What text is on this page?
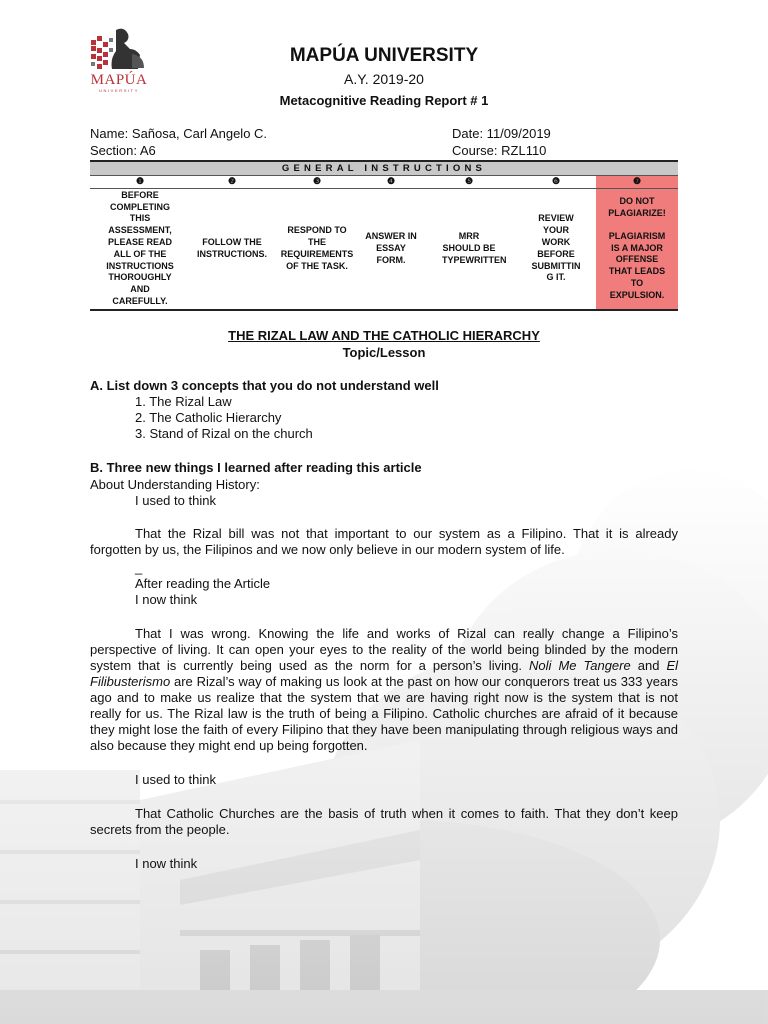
MAPÚA
UNIVERSITY
MAPÚA UNIVERSITY
A.Y. 2019-20
Metacognitive Reading Report # 1
Name: Sañosa, Carl Angelo C.
Section: A6
Date: 11/09/2019
Course: RZL110
GENERAL INSTRUCTIONS						
❶	❷	❸	❹	❺	❻	❼
BEFORE COMPLETING THIS ASSESSMENT, PLEASE READ ALL OF THE INSTRUCTIONS THOROUGHLY AND CAREFULLY.	FOLLOW THE INSTRUCTIONS.	RESPOND TO THE REQUIREMENTS OF THE TASK.	ANSWER IN ESSAY FORM.	MRR SHOULD BE TYPEWRITTEN	REVIEW YOUR WORK BEFORE SUBMITTIN G IT.	DO NOT PLAGIARIZE!
PLAGIARISM IS A MAJOR OFFENSE THAT LEADS TO EXPULSION.
THE RIZAL LAW AND THE CATHOLIC HIERARCHY
Topic/Lesson
A. List down 3 concepts that you do not understand well
1. The Rizal Law
2. The Catholic Hierarchy
3. Stand of Rizal on the church
B. Three new things I learned after reading this article
About Understanding History:
I used to think
That the Rizal bill was not that important to our system as a Filipino. That it is already forgotten by us, the Filipinos and we now only believe in our modern system of life.
_
After reading the Article
I now think
That I was wrong. Knowing the life and works of Rizal can really change a Filipino’s perspective of living. It can open your eyes to the reality of the world being blinded by the modern system that is currently being used as the norm for a person’s living. Noli Me Tangere and El Filibusterismo are Rizal’s way of making us look at the past on how our conquerors treat us 333 years ago and to make us realize that the system that we are having right now is the system that is not really for us. The Rizal law is the truth of being a Filipino. Catholic churches are afraid of it because they might lose the faith of every Filipino that they have been manipulating through religious ways and also because they might end up being forgotten.
I used to think
That Catholic Churches are the basis of truth when it comes to faith. That they don’t keep secrets from the people.
I now think
